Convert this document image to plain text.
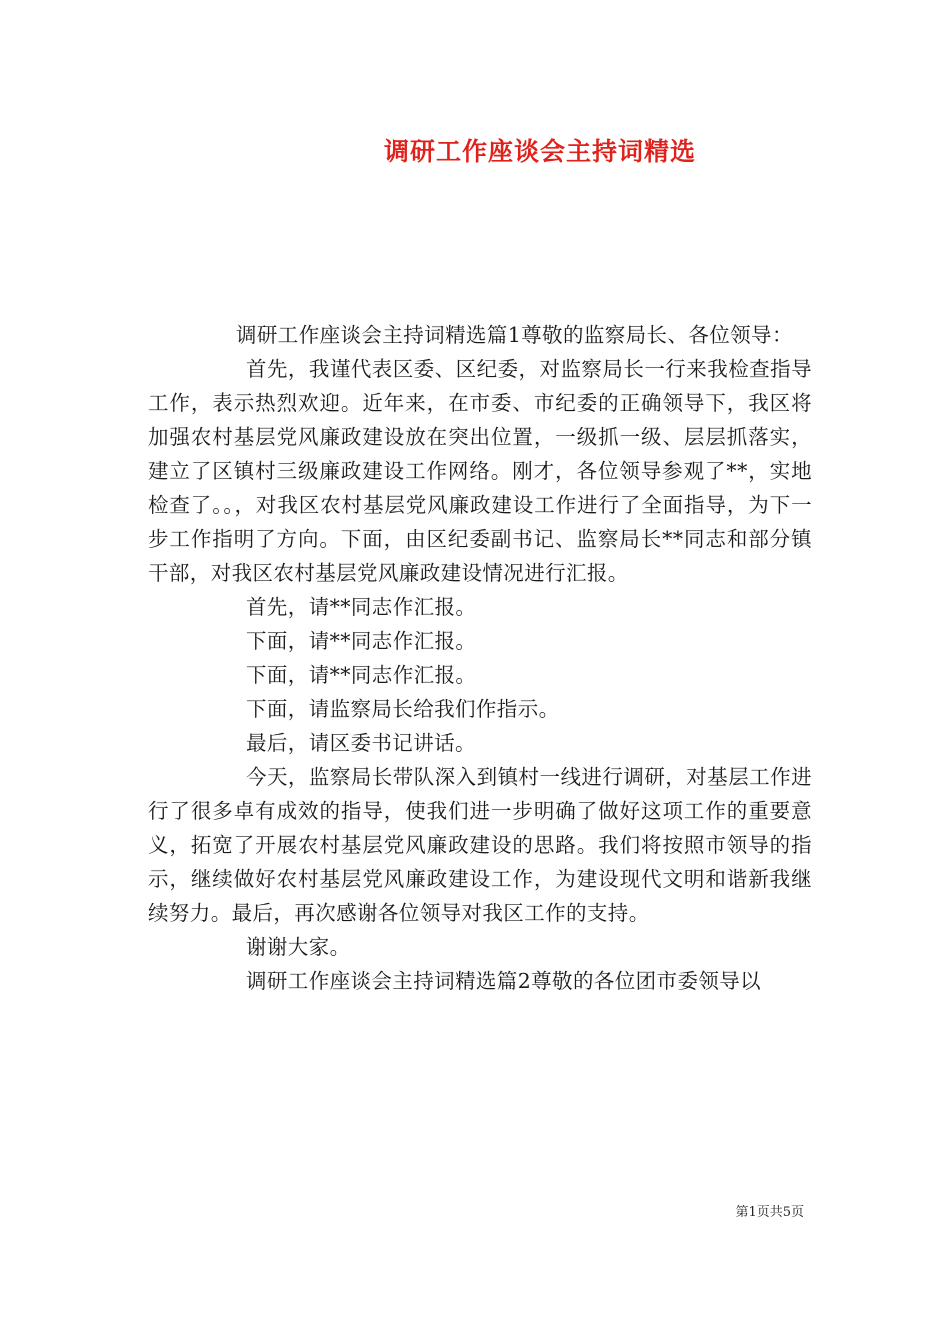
调研工作座谈会主持词精选

调研工作座谈会主持词精选篇1尊敬的监察局长、各位领导：

首先，我谨代表区委、区纪委，对监察局长一行来我检查指导工作，表示热烈欢迎。近年来，在市委、市纪委的正确领导下，我区将加强农村基层党风廉政建设放在突出位置，一级抓一级、层层抓落实，建立了区镇村三级廉政建设工作网络。刚才，各位领导参观了**，实地检查了。。，对我区农村基层党风廉政建设工作进行了全面指导，为下一步工作指明了方向。下面，由区纪委副书记、监察局长**同志和部分镇干部，对我区农村基层党风廉政建设情况进行汇报。

首先，请**同志作汇报。

下面，请**同志作汇报。

下面，请**同志作汇报。

下面，请监察局长给我们作指示。

最后，请区委书记讲话。

今天，监察局长带队深入到镇村一线进行调研，对基层工作进行了很多卓有成效的指导，使我们进一步明确了做好这项工作的重要意义，拓宽了开展农村基层党风廉政建设的思路。我们将按照市领导的指示，继续做好农村基层党风廉政建设工作，为建设现代文明和谐新我继续努力。最后，再次感谢各位领导对我区工作的支持。

谢谢大家。

调研工作座谈会主持词精选篇2尊敬的各位团市委领导以

第1页共5页
